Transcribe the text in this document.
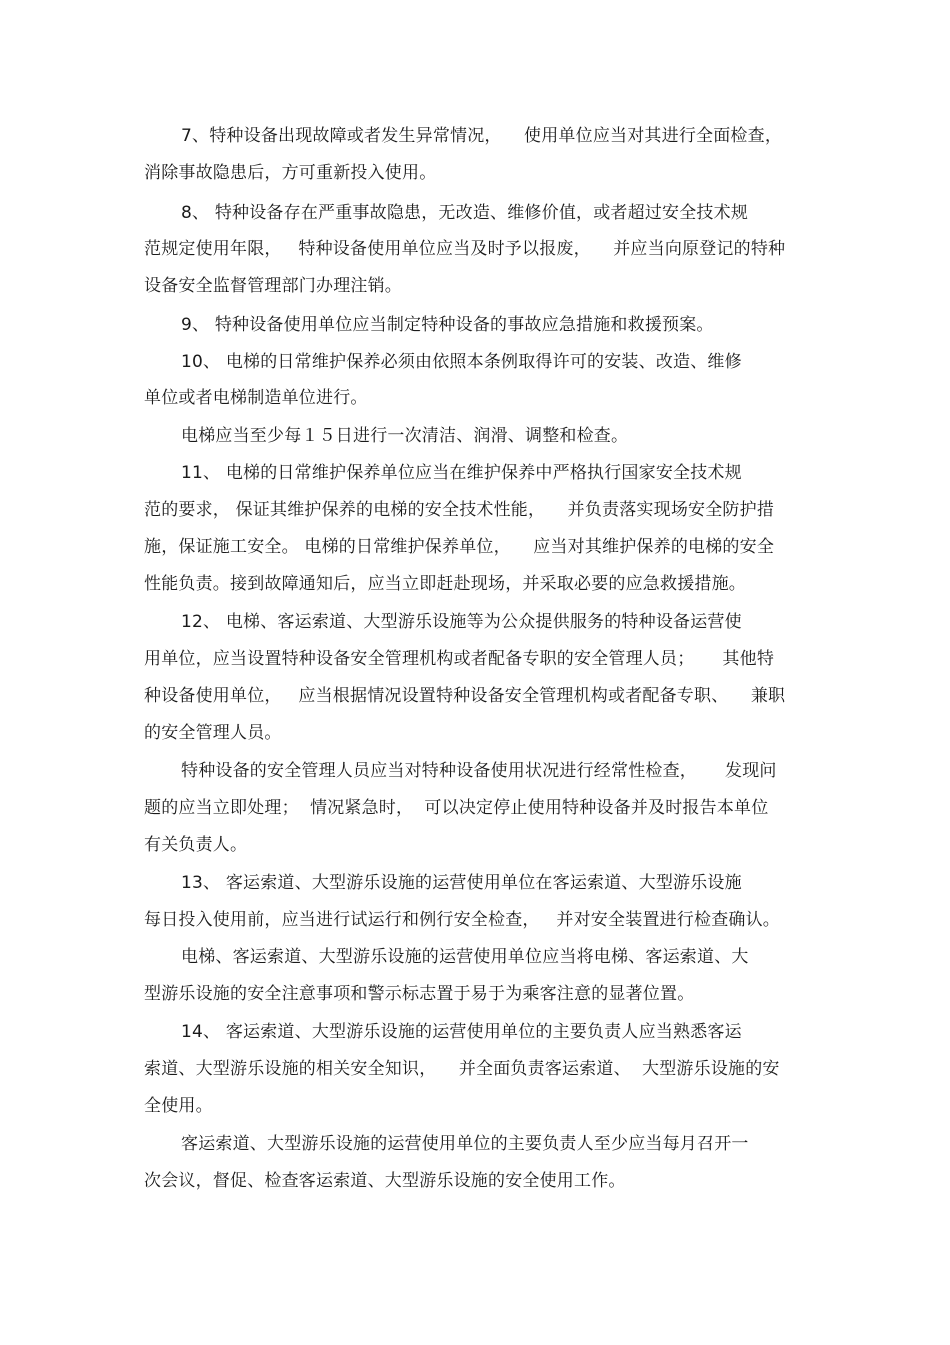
7、特种设备出现故障或者发生异常情况，    使用单位应当对其进行全面检查，
消除事故隐患后，方可重新投入使用。
8、 特种设备存在严重事故隐患，无改造、维修价值，或者超过安全技术规
范规定使用年限，   特种设备使用单位应当及时予以报废，    并应当向原登记的特种
设备安全监督管理部门办理注销。
9、 特种设备使用单位应当制定特种设备的事故应急措施和救援预案。
10、 电梯的日常维护保养必须由依照本条例取得许可的安装、改造、维修
单位或者电梯制造单位进行。
电梯应当至少每１５日进行一次清洁、润滑、调整和检查。
11、 电梯的日常维护保养单位应当在维护保养中严格执行国家安全技术规
范的要求， 保证其维护保养的电梯的安全技术性能，    并负责落实现场安全防护措
施，保证施工安全。 电梯的日常维护保养单位，    应当对其维护保养的电梯的安全
性能负责。接到故障通知后，应当立即赶赴现场，并采取必要的应急救援措施。
12、 电梯、客运索道、大型游乐设施等为公众提供服务的特种设备运营使
用单位，应当设置特种设备安全管理机构或者配备专职的安全管理人员；     其他特
种设备使用单位，   应当根据情况设置特种设备安全管理机构或者配备专职、    兼职
的安全管理人员。
特种设备的安全管理人员应当对特种设备使用状况进行经常性检查，     发现问
题的应当立即处理；  情况紧急时，  可以决定停止使用特种设备并及时报告本单位
有关负责人。
13、 客运索道、大型游乐设施的运营使用单位在客运索道、大型游乐设施
每日投入使用前，应当进行试运行和例行安全检查，   并对安全装置进行检查确认。
电梯、客运索道、大型游乐设施的运营使用单位应当将电梯、客运索道、大
型游乐设施的安全注意事项和警示标志置于易于为乘客注意的显著位置。
14、 客运索道、大型游乐设施的运营使用单位的主要负责人应当熟悉客运
索道、大型游乐设施的相关安全知识，    并全面负责客运索道、  大型游乐设施的安
全使用。
客运索道、大型游乐设施的运营使用单位的主要负责人至少应当每月召开一
次会议，督促、检查客运索道、大型游乐设施的安全使用工作。
